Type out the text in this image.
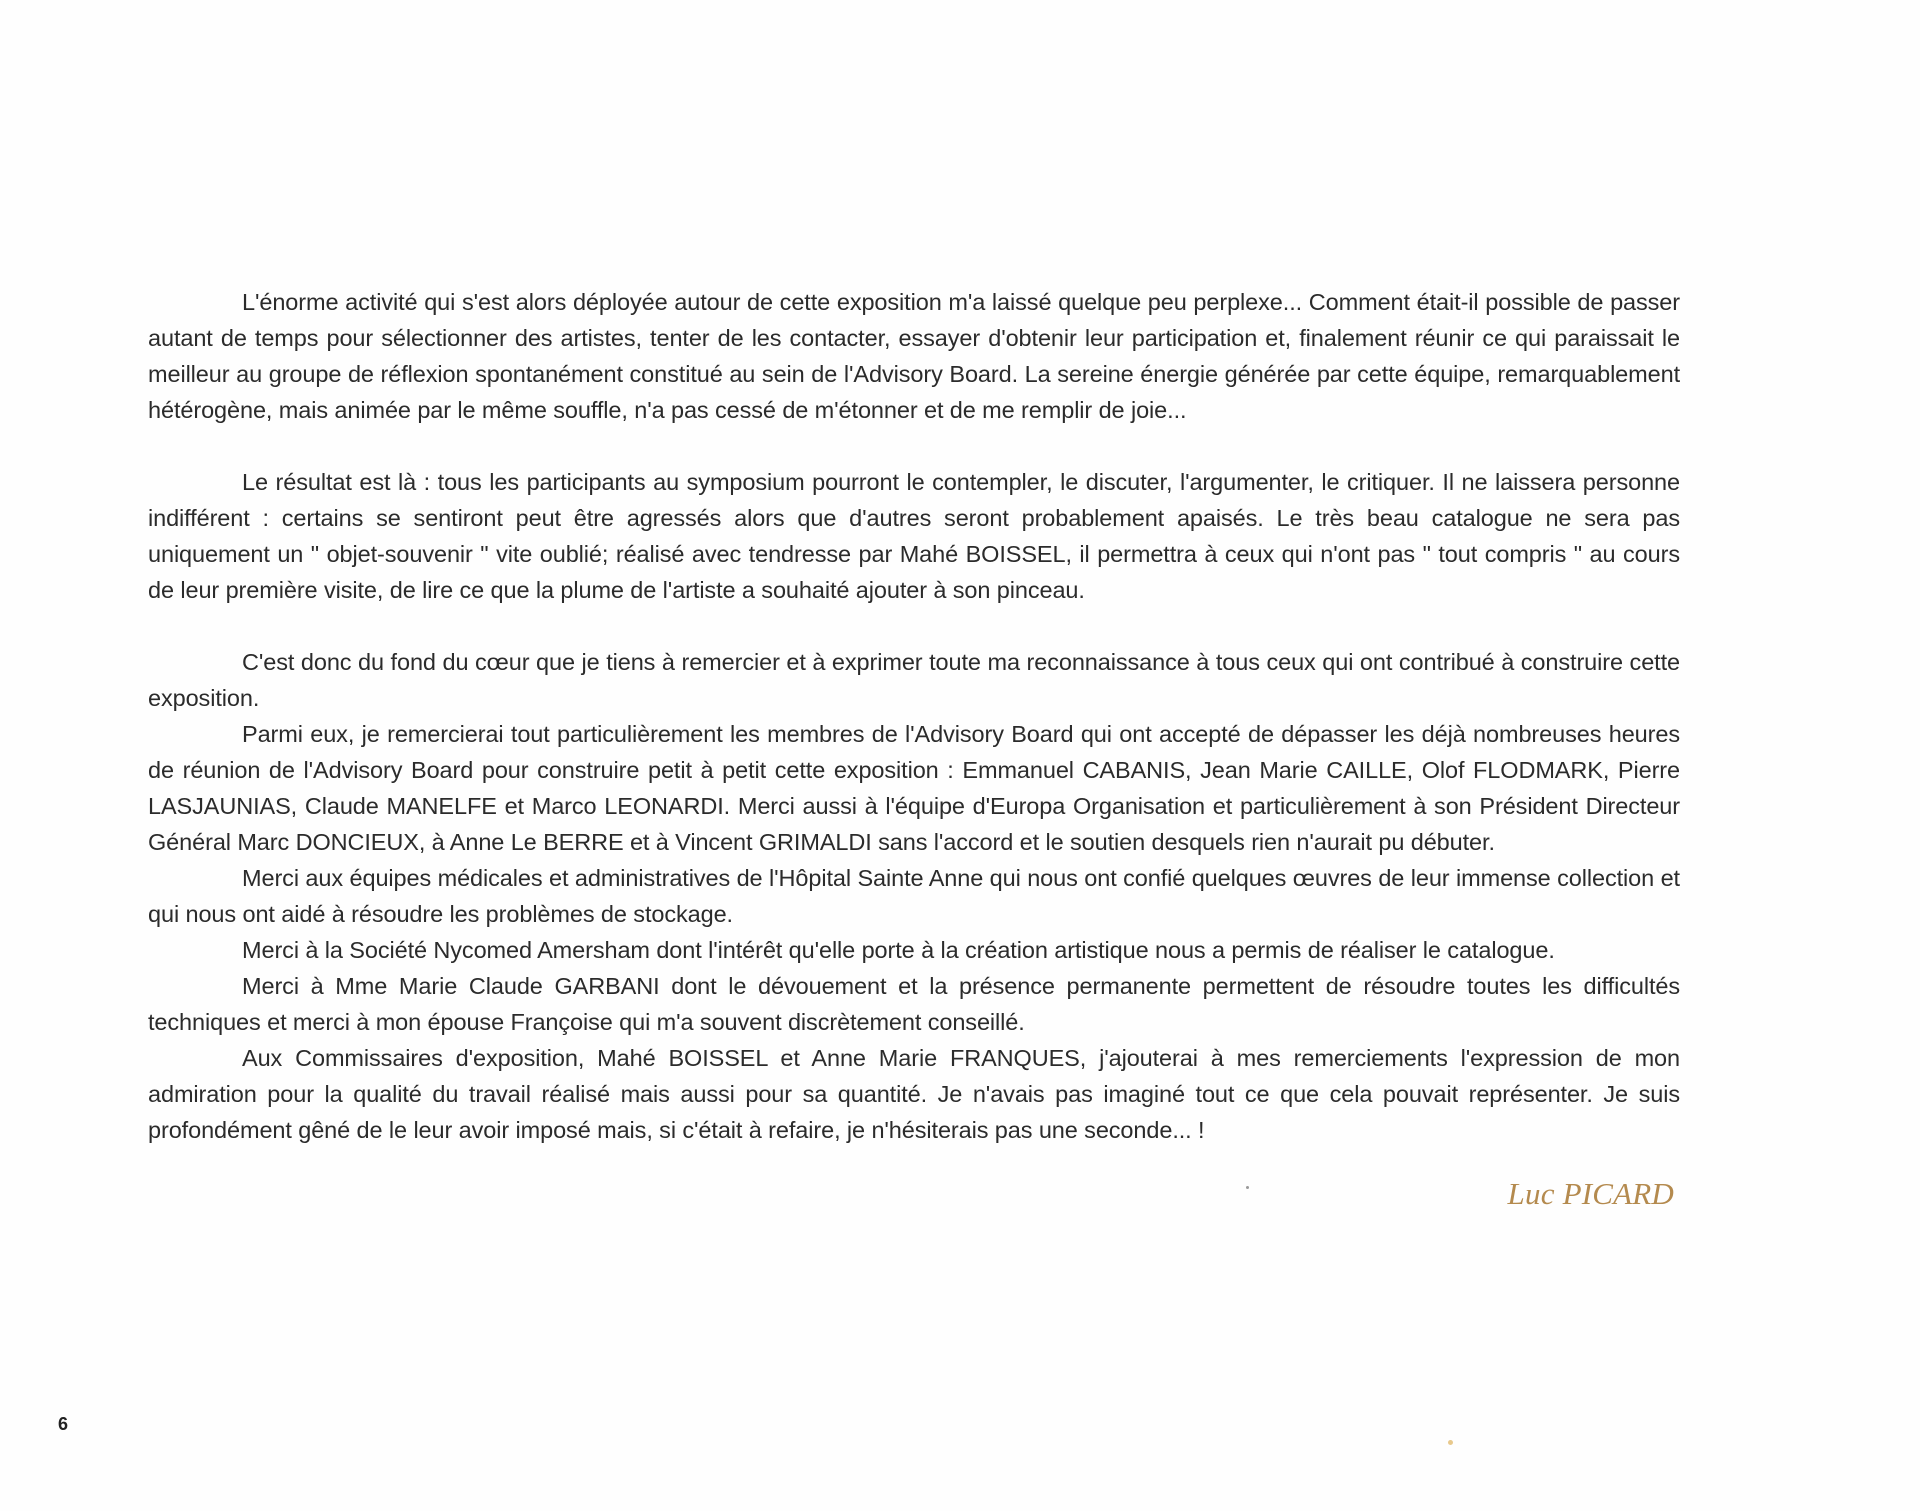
L'énorme activité qui s'est alors déployée autour de cette exposition m'a laissé quelque peu perplexe... Comment était-il possible de passer autant de temps pour sélectionner des artistes, tenter de les contacter, essayer d'obtenir leur participation et, finalement réunir ce qui paraissait le meilleur au groupe de réflexion spontanément constitué au sein de l'Advisory Board. La sereine énergie générée par cette équipe, remarquablement hétérogène, mais animée par le même souffle, n'a pas cessé de m'étonner et de me remplir de joie...

Le résultat est là : tous les participants au symposium pourront le contempler, le discuter, l'argumenter, le critiquer. Il ne laissera personne indifférent : certains se sentiront peut être agressés alors que d'autres seront probablement apaisés. Le très beau catalogue ne sera pas uniquement un " objet-souvenir " vite oublié; réalisé avec tendresse par Mahé BOISSEL, il permettra à ceux qui n'ont pas " tout compris " au cours de leur première visite, de lire ce que la plume de l'artiste a souhaité ajouter à son pinceau.

C'est donc du fond du cœur que je tiens à remercier et à exprimer toute ma reconnaissance à tous ceux qui ont contribué à construire cette exposition.

Parmi eux, je remercierai tout particulièrement les membres de l'Advisory Board qui ont accepté de dépasser les déjà nombreuses heures de réunion de l'Advisory Board pour construire petit à petit cette exposition : Emmanuel CABANIS, Jean Marie CAILLE, Olof FLODMARK, Pierre LASJAUNIAS, Claude MANELFE et Marco LEONARDI. Merci aussi à l'équipe d'Europa Organisation et particulièrement à son Président Directeur Général Marc DONCIEUX, à Anne Le BERRE et à Vincent GRIMALDI sans l'accord et le soutien desquels rien n'aurait pu débuter.

Merci aux équipes médicales et administratives de l'Hôpital Sainte Anne qui nous ont confié quelques œuvres de leur immense collection et qui nous ont aidé à résoudre les problèmes de stockage.

Merci à la Société Nycomed Amersham dont l'intérêt qu'elle porte à la création artistique nous a permis de réaliser le catalogue.

Merci à Mme Marie Claude GARBANI dont le dévouement et la présence permanente permettent de résoudre toutes les difficultés techniques et merci à mon épouse Françoise qui m'a souvent discrètement conseillé.

Aux Commissaires d'exposition, Mahé BOISSEL et Anne Marie FRANQUES, j'ajouterai à mes remerciements l'expression de mon admiration pour la qualité du travail réalisé mais aussi pour sa quantité. Je n'avais pas imaginé tout ce que cela pouvait représenter. Je suis profondément gêné de le leur avoir imposé mais, si c'était à refaire, je n'hésiterais pas une seconde... !

Luc PICARD
6
